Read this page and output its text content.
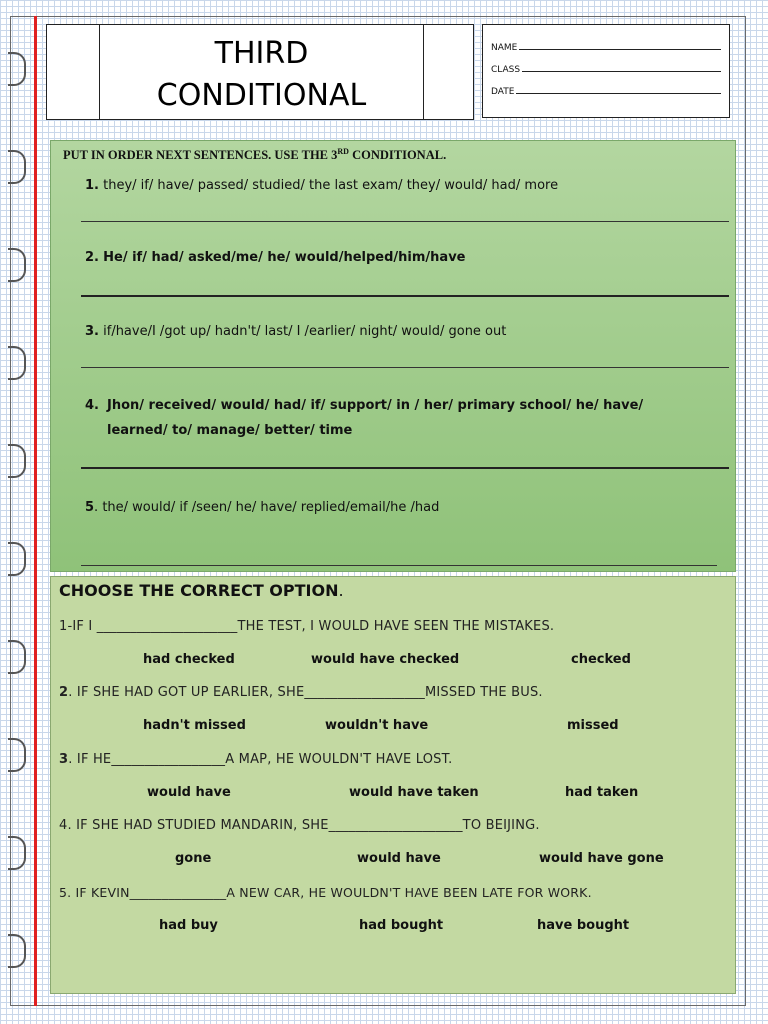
THIRD
CONDITIONAL
NAME
CLASS
DATE
PUT IN ORDER NEXT SENTENCES. USE THE 3RD CONDITIONAL.
1. they/ if/ have/ passed/ studied/ the last exam/ they/ would/ had/ more
2. He/ if/ had/ asked/me/ he/ would/helped/him/have
3. if/have/I /got up/ hadn't/ last/ I /earlier/ night/ would/ gone out
4. Jhon/ received/ would/ had/ if/ support/ in / her/ primary school/ he/ have/ learned/ to/ manage/ better/ time
5. the/ would/ if /seen/ he/ have/ replied/email/he /had
CHOOSE THE CORRECT OPTION.
1-IF I _____________________THE TEST, I WOULD HAVE SEEN THE MISTAKES.
had checked	would have checked	checked
2. IF SHE HAD GOT UP EARLIER, SHE__________________MISSED THE BUS.
hadn't missed	wouldn't have	missed
3. IF HE_________________A MAP, HE WOULDN'T HAVE LOST.
would have	would have taken	had taken
4. IF SHE HAD STUDIED MANDARIN, SHE____________________TO BEIJING.
gone	would have	would have gone
5. IF KEVIN_______________A NEW CAR, HE WOULDN'T HAVE BEEN LATE FOR WORK.
had buy	had bought	have bought
